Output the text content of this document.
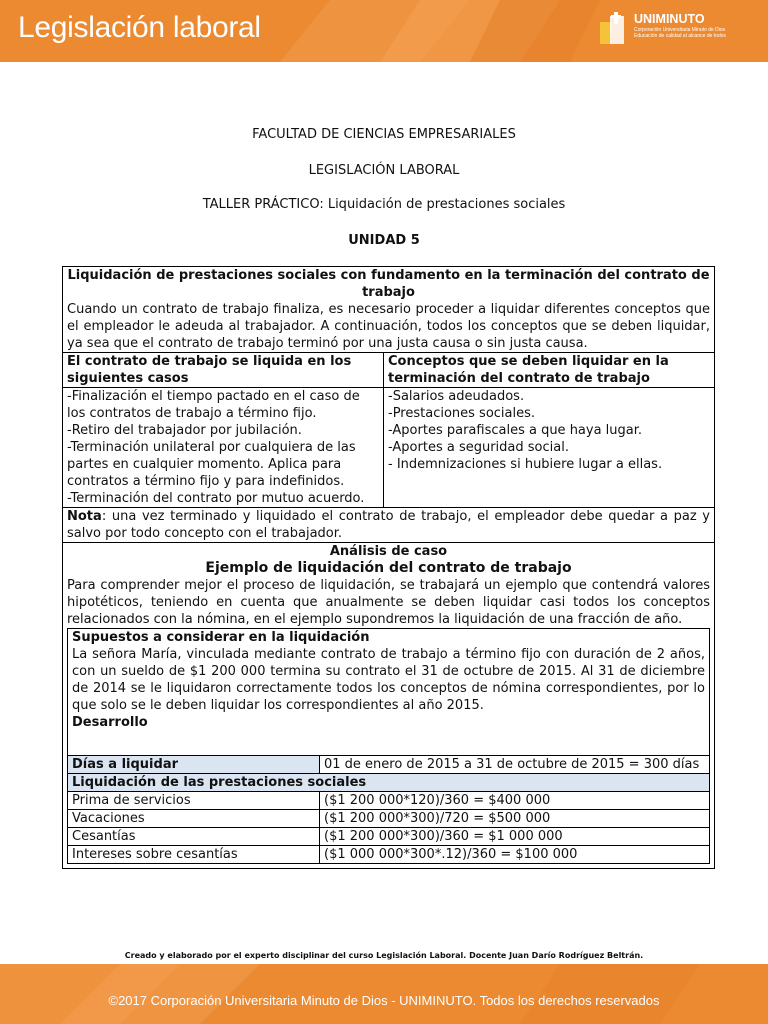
Legislación laboral	UNIMINUTO
Corporación Universitaria Minuto de Dios
Educación de calidad al alcance de todos
FACULTAD DE CIENCIAS EMPRESARIALES
LEGISLACIÓN LABORAL
TALLER PRÁCTICO: Liquidación de prestaciones sociales
UNIDAD 5
Liquidación de prestaciones sociales con fundamento en la terminación del contrato de trabajo
Cuando un contrato de trabajo finaliza, es necesario proceder a liquidar diferentes conceptos que el empleador le adeuda al trabajador. A continuación, todos los conceptos que se deben liquidar, ya sea que el contrato de trabajo terminó por una justa causa o sin justa causa.

El contrato de trabajo se liquida en los siguientes casos	Conceptos que se deben liquidar en la terminación del contrato de trabajo

-Finalización el tiempo pactado en el caso de los contratos de trabajo a término fijo.
-Retiro del trabajador por jubilación.
-Terminación unilateral por cualquiera de las partes en cualquier momento. Aplica para contratos a término fijo y para indefinidos.
-Terminación del contrato por mutuo acuerdo.

-Salarios adeudados.
-Prestaciones sociales.
-Aportes parafiscales a que haya lugar.
-Aportes a seguridad social.
- Indemnizaciones si hubiere lugar a ellas.

Nota: una vez terminado y liquidado el contrato de trabajo, el empleador debe quedar a paz y salvo por todo concepto con el trabajador.

Análisis de caso
Ejemplo de liquidación del contrato de trabajo
Para comprender mejor el proceso de liquidación, se trabajará un ejemplo que contendrá valores hipotéticos, teniendo en cuenta que anualmente se deben liquidar casi todos los conceptos relacionados con la nómina, en el ejemplo supondremos la liquidación de una fracción de año.
Supuestos a considerar en la liquidación
La señora María, vinculada mediante contrato de trabajo a término fijo con duración de 2 años, con un sueldo de $1 200 000 termina su contrato el 31 de octubre de 2015. Al 31 de diciembre de 2014 se le liquidaron correctamente todos los conceptos de nómina correspondientes, por lo que solo se le deben liquidar los correspondientes al año 2015.
Desarrollo

Días a liquidar	01 de enero de 2015 a 31 de octubre de 2015 = 300 días
Liquidación de las prestaciones sociales
Prima de servicios	($1 200 000*120)/360 = $400 000
Vacaciones	($1 200 000*300)/720 = $500 000
Cesantías	($1 200 000*300)/360 = $1 000 000
Intereses sobre cesantías	($1 000 000*300*.12)/360 = $100 000
Creado y elaborado por el experto disciplinar del curso Legislación Laboral. Docente Juan Darío Rodríguez Beltrán.
©2017 Corporación Universitaria Minuto de Dios - UNIMINUTO. Todos los derechos reservados
